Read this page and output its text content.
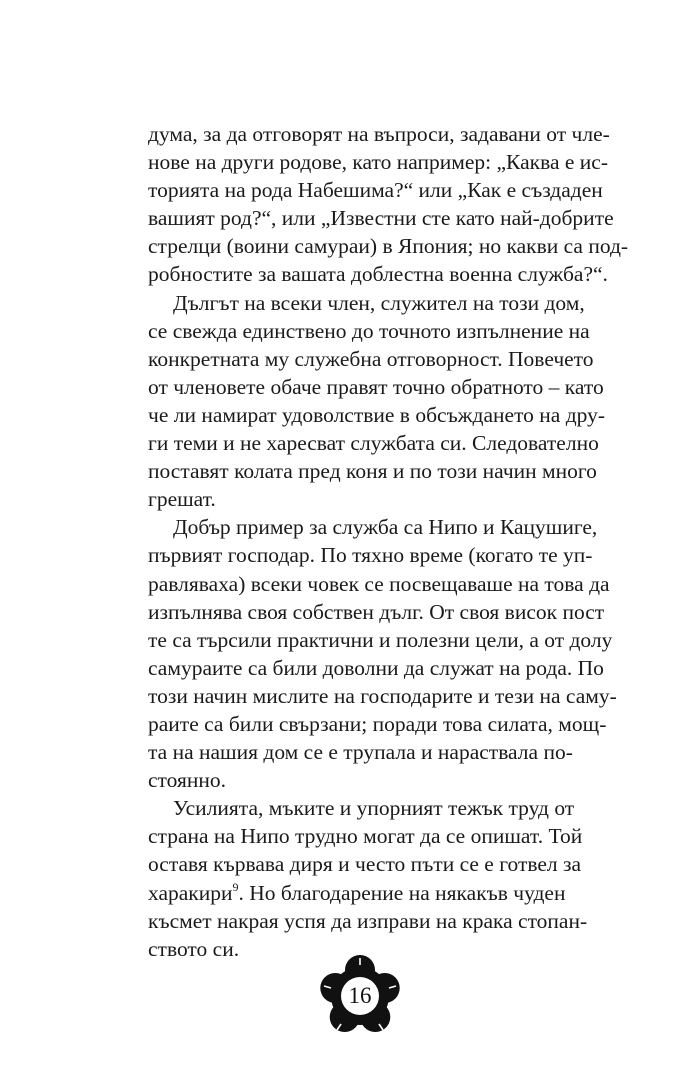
дума, за да отговорят на въпроси, задавани от чле-
нове на други родове, като например: „Каква е ис-
торията на рода Набешима?“ или „Как е създаден
вашият род?“, или „Известни сте като най-добрите
стрелци (воини самураи) в Япония; но какви са под-
робностите за вашата доблестна военна служба?“.
Дългът на всеки член, служител на този дом,
се свежда единствено до точното изпълнение на
конкретната му служебна отговорност. Повечето
от членовете обаче правят точно обратното – като
че ли намират удоволствие в обсъждането на дру-
ги теми и не харесват службата си. Следователно
поставят колата пред коня и по този начин много
грешат.
Добър пример за служба са Нипо и Кацушиге,
първият господар. По тяхно време (когато те уп-
равляваха) всеки човек се посвещаваше на това да
изпълнява своя собствен дълг. От своя висок пост
те са търсили практични и полезни цели, а от долу
самураите са били доволни да служат на рода. По
този начин мислите на господарите и тези на саму-
раите са били свързани; поради това силата, мощ-
та на нашия дом се е трупала и нараствала по-
стоянно.
Усилията, мъките и упорният тежък труд от
страна на Нипо трудно могат да се опишат. Той
оставя кървава диря и често пъти се е готвел за
харакири$^9$. Но благодарение на някакъв чуден
късмет накрая успя да изправи на крака стопан-
ството си.
16
